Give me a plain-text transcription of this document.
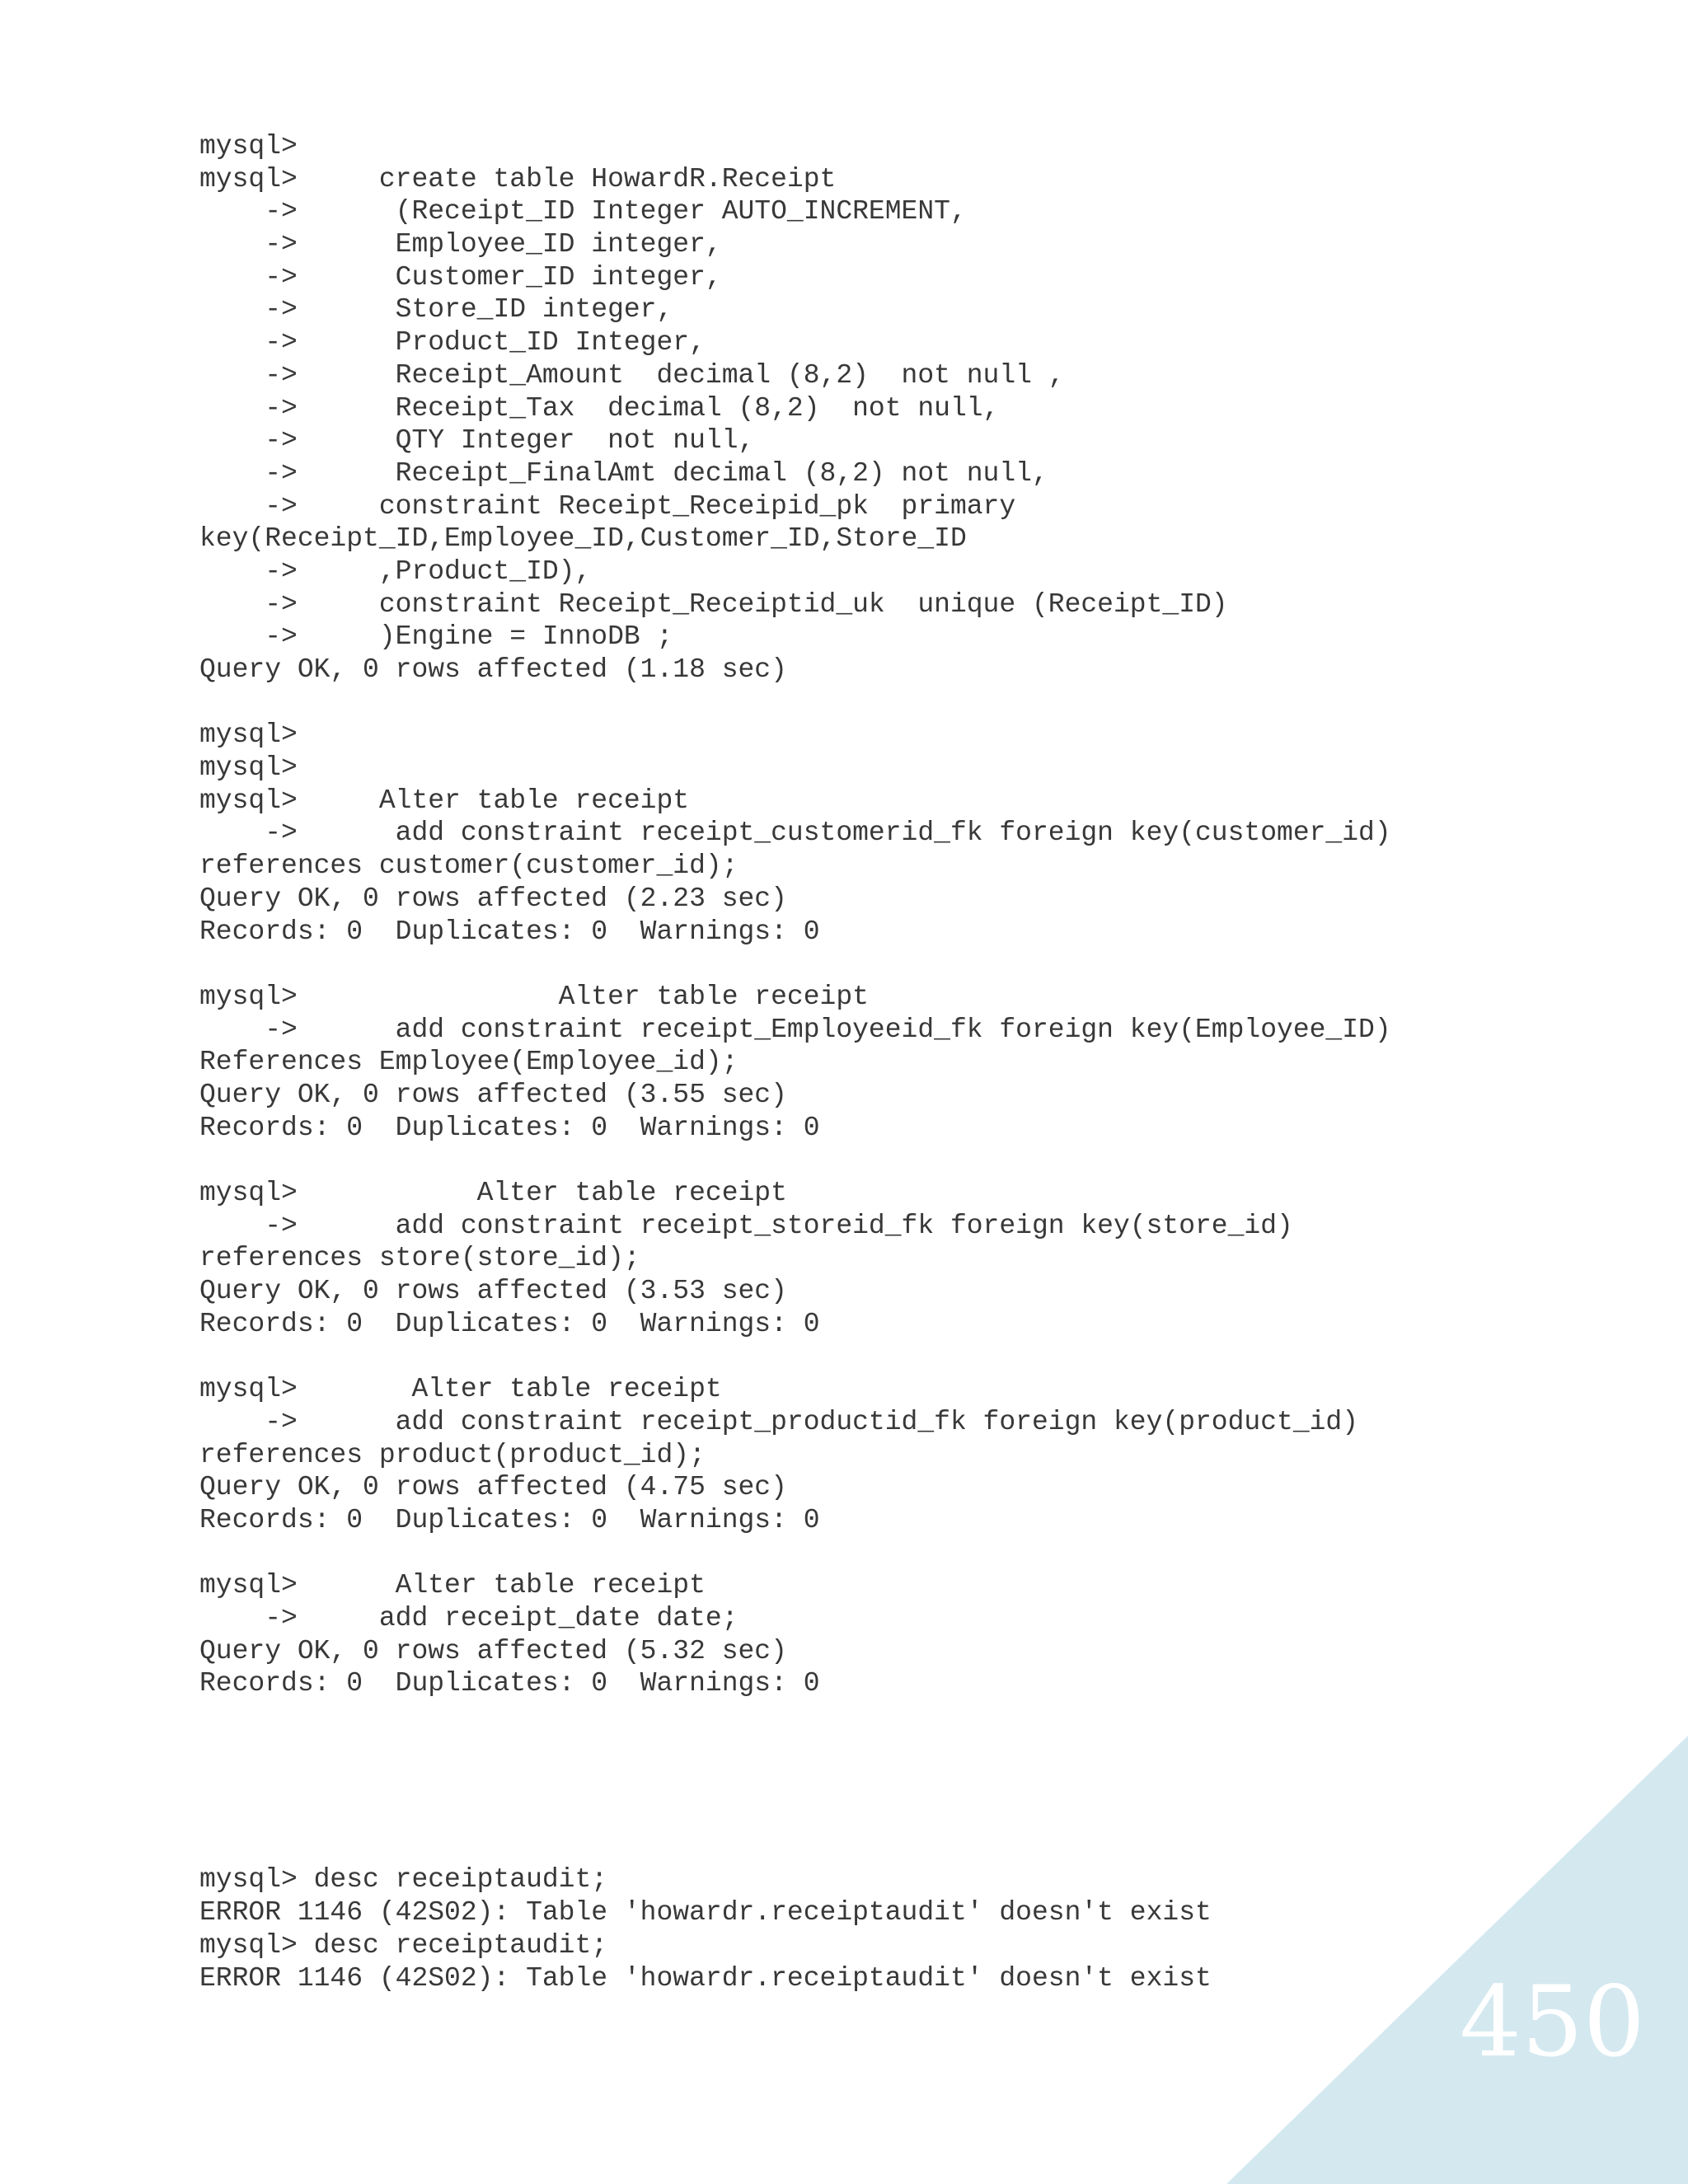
mysql>
mysql>     create table HowardR.Receipt
->      (Receipt_ID Integer AUTO_INCREMENT,
->      Employee_ID integer,
->      Customer_ID integer,
->      Store_ID integer,
->      Product_ID Integer,
->      Receipt_Amount  decimal (8,2)  not null ,
->      Receipt_Tax  decimal (8,2)  not null,
->      QTY Integer  not null,
->      Receipt_FinalAmt decimal (8,2) not null,
->     constraint Receipt_Receipid_pk  primary
key(Receipt_ID,Employee_ID,Customer_ID,Store_ID
->     ,Product_ID),
->     constraint Receipt_Receiptid_uk  unique (Receipt_ID)
->     )Engine = InnoDB ;
Query OK, 0 rows affected (1.18 sec)
mysql>
mysql>
mysql>     Alter table receipt
->      add constraint receipt_customerid_fk foreign key(customer_id)
references customer(customer_id);
Query OK, 0 rows affected (2.23 sec)
Records: 0  Duplicates: 0  Warnings: 0
mysql>                Alter table receipt
->      add constraint receipt_Employeeid_fk foreign key(Employee_ID)
References Employee(Employee_id);
Query OK, 0 rows affected (3.55 sec)
Records: 0  Duplicates: 0  Warnings: 0
mysql>           Alter table receipt
->      add constraint receipt_storeid_fk foreign key(store_id)
references store(store_id);
Query OK, 0 rows affected (3.53 sec)
Records: 0  Duplicates: 0  Warnings: 0
mysql>       Alter table receipt
->      add constraint receipt_productid_fk foreign key(product_id)
references product(product_id);
Query OK, 0 rows affected (4.75 sec)
Records: 0  Duplicates: 0  Warnings: 0
mysql>      Alter table receipt
->     add receipt_date date;
Query OK, 0 rows affected (5.32 sec)
Records: 0  Duplicates: 0  Warnings: 0
mysql> desc receiptaudit;
ERROR 1146 (42S02): Table 'howardr.receiptaudit' doesn't exist
mysql> desc receiptaudit;
ERROR 1146 (42S02): Table 'howardr.receiptaudit' doesn't exist	450
